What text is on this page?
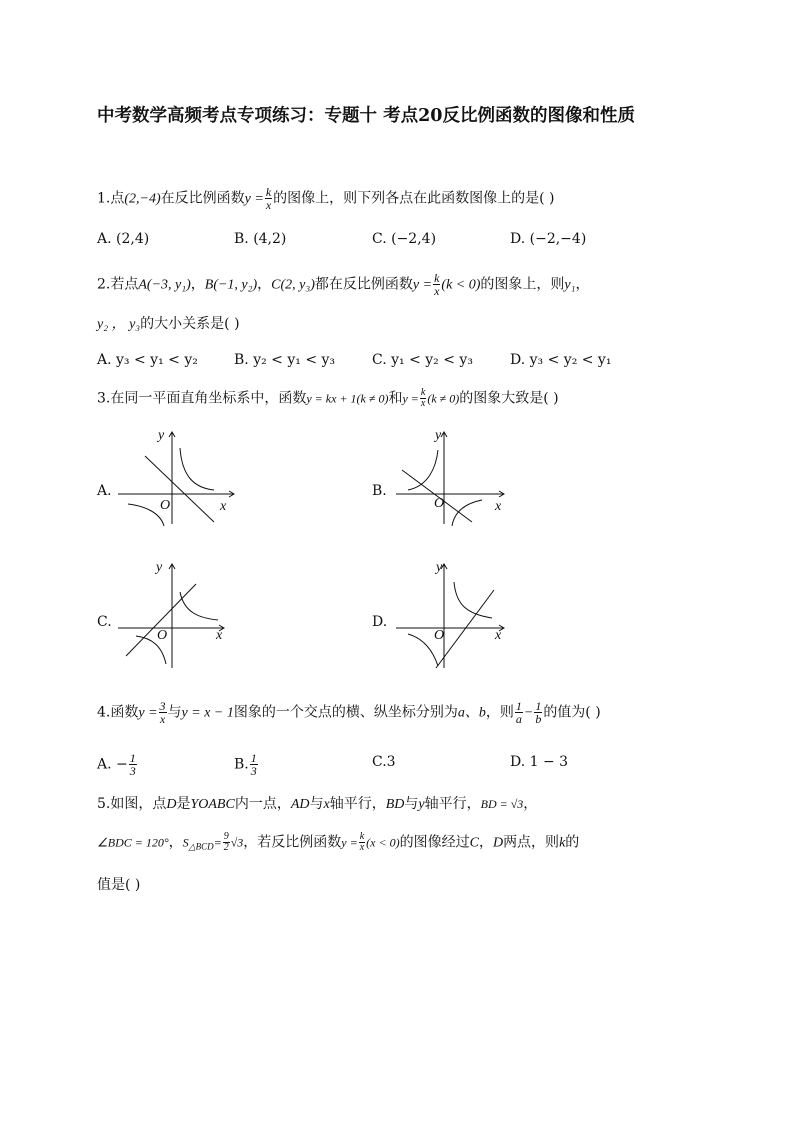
中考数学高频考点专项练习：专题十 考点20反比例函数的图像和性质
1.点(2,−4)在反比例函数$y = \frac{k}{x}$ 的图像上，则下列各点在此函数图像上的是( )
A. (2,4)	B. (4,2)	C. (−2,4)	D. (−2,−4)
2.若点A(−3, y₁)，B(−1, y₂)，C(2, y₃)都在反比例函数$y = \frac{k}{x} (k < 0)$的图象上，则y₁，
y₂ ， y₃的大小关系是( )
A. y₃ < y₁ < y₂	B. y₂ < y₁ < y₃	C. y₁ < y₂ < y₃	D. y₃ < y₂ < y₁
3.在同一平面直角坐标系中，函数y = kx + 1(k ≠ 0)和$y = \frac{k}{x} (k \ne 0)$的图象大致是( )
A.	B.
C.	D.
O	x
y
O	x
y
O	x
y
O	x
y
4.函数$y = \frac{3}{x}$ 与y = x − 1图象的一个交点的横、纵坐标分别为a、b，则 $\frac{1}{a} - \frac{1}{b}$ 的值为( )
A. − $\frac{1}{3}$	B. $\frac{1}{3}$	C.3	D. 1 − 3
5.如图，点D是YOABC内一点，AD与x轴平行，BD与y轴平行，BD = √3，
∠BDC = 120°，$S_{\triangle BCD}= \frac{9}{2} √3$，若反比例函数$y = \frac{k}{x} (x < 0)$的图像经过C，D两点，则k的
值是( )
